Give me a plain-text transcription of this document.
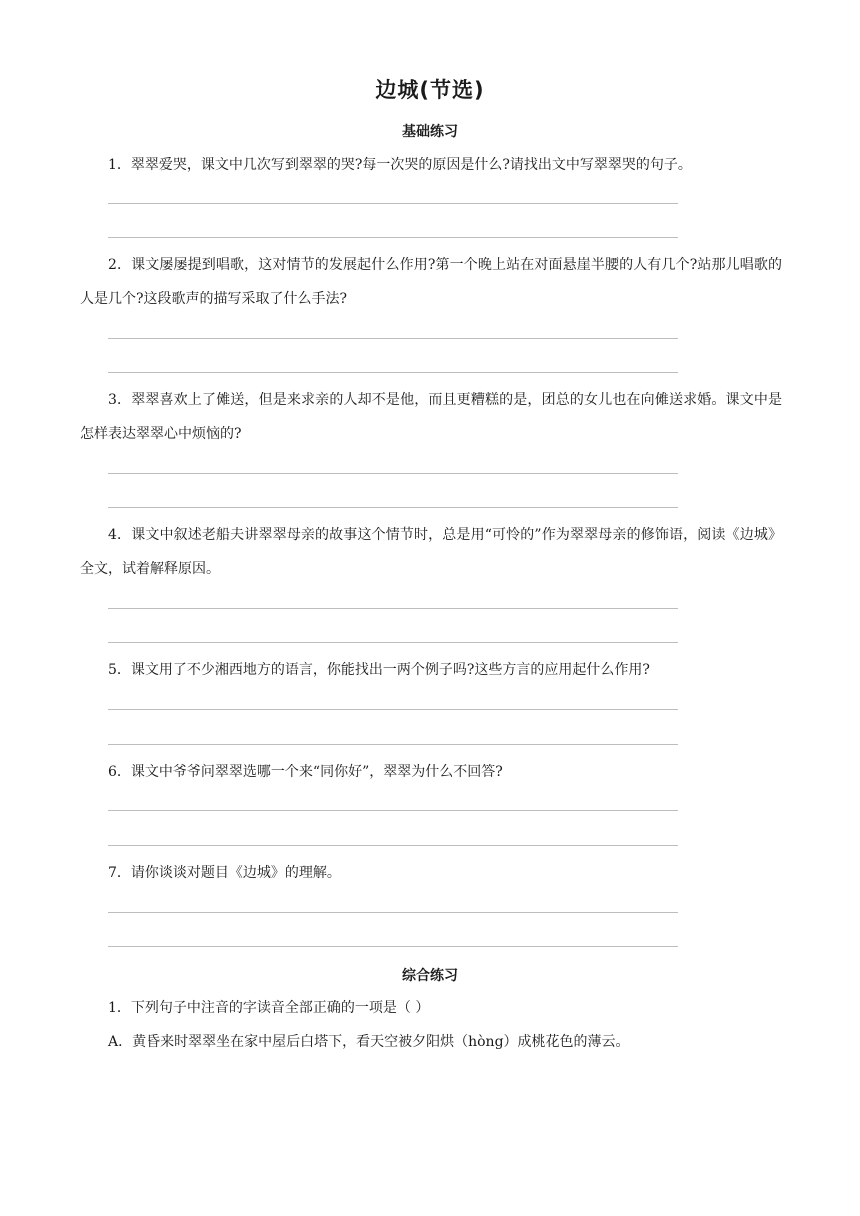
边城(节选)
基础练习
1．翠翠爱哭，课文中几次写到翠翠的哭?每一次哭的原因是什么?请找出文中写翠翠哭的句子。
2．课文屡屡提到唱歌，这对情节的发展起什么作用?第一个晚上站在对面悬崖半腰的人有几个?站那儿唱歌的人是几个?这段歌声的描写采取了什么手法?
3．翠翠喜欢上了傩送，但是来求亲的人却不是他，而且更糟糕的是，团总的女儿也在向傩送求婚。课文中是怎样表达翠翠心中烦恼的?
4．课文中叙述老船夫讲翠翠母亲的故事这个情节时，总是用“可怜的”作为翠翠母亲的修饰语，阅读《边城》全文，试着解释原因。
5．课文用了不少湘西地方的语言，你能找出一两个例子吗?这些方言的应用起什么作用?
6．课文中爷爷问翠翠选哪一个来“同你好”，翠翠为什么不回答?
7．请你谈谈对题目《边城》的理解。
综合练习
1．下列句子中注音的字读音全部正确的一项是（ ）
A．黄昏来时翠翠坐在家中屋后白塔下，看天空被夕阳烘（hòng）成桃花色的薄云。
